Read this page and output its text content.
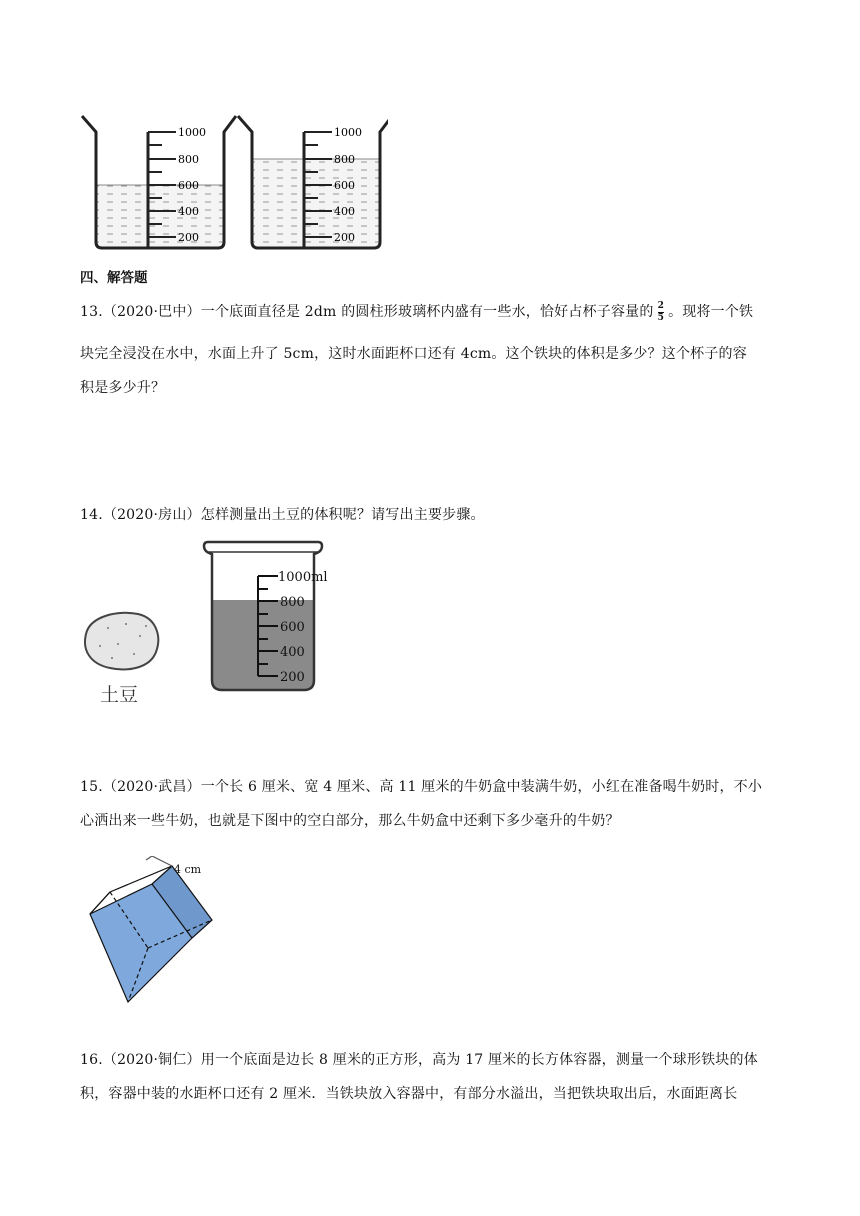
1000
800
600
400
200
1000
800
600
400
200
四、解答题
13.（2020·巴中）一个底面直径是 2dm 的圆柱形玻璃杯内盛有一些水，恰好占杯子容量的 $\frac{2}{5}$ 。现将一个铁
块完全浸没在水中，水面上升了 5cm，这时水面距杯口还有 4cm。这个铁块的体积是多少？这个杯子的容
积是多少升？
14.（2020·房山）怎样测量出土豆的体积呢？请写出主要步骤。
土豆
1000ml
800
600
400
200
15.（2020·武昌）一个长 6 厘米、宽 4 厘米、高 11 厘米的牛奶盒中装满牛奶，小红在准备喝牛奶时，不小
心洒出来一些牛奶，也就是下图中的空白部分，那么牛奶盒中还剩下多少毫升的牛奶？
4 cm
16.（2020·铜仁）用一个底面是边长 8 厘米的正方形，高为 17 厘米的长方体容器，测量一个球形铁块的体
积，容器中装的水距杯口还有 2 厘米．当铁块放入容器中，有部分水溢出，当把铁块取出后，水面距离长
